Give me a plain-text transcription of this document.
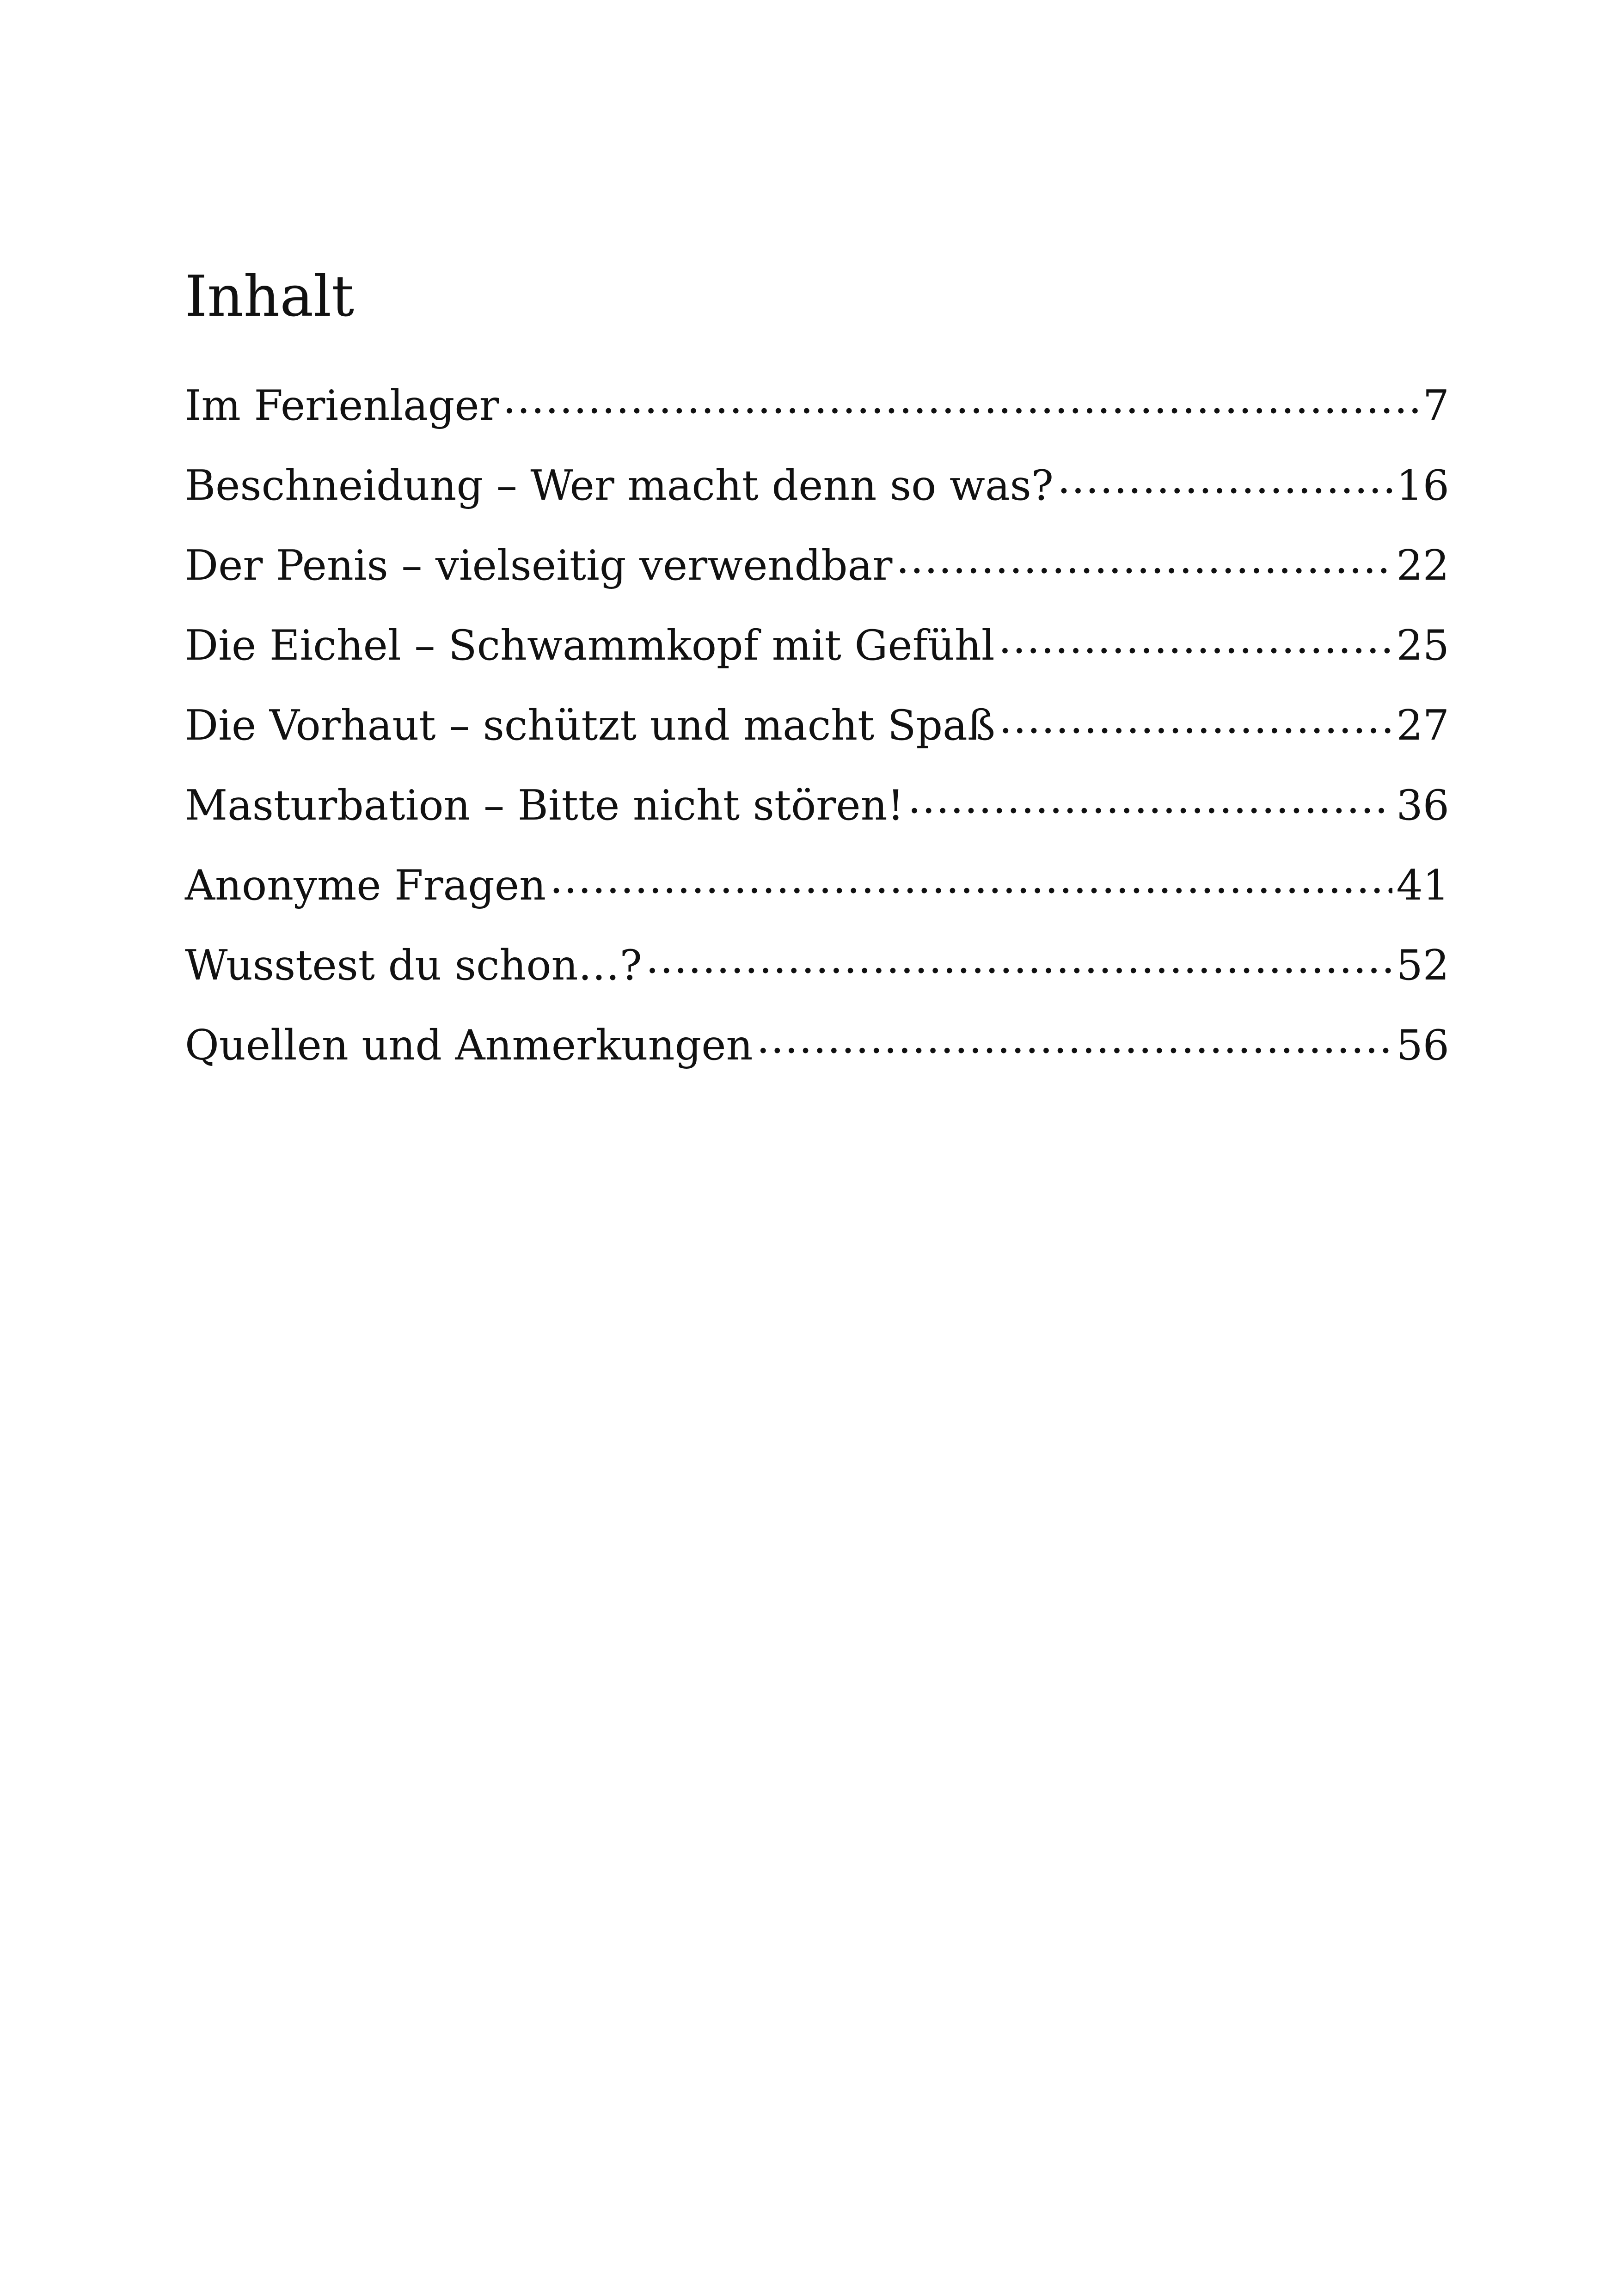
Inhalt
Im Ferienlager .....	7
Beschneidung – Wer macht denn so was? .....	16
Der Penis – vielseitig verwendbar .....	22
Die Eichel – Schwammkopf mit Gefühl .....	25
Die Vorhaut – schützt und macht Spaß .....	27
Masturbation – Bitte nicht stören! .....	36
Anonyme Fragen .....	41
Wusstest du schon…? .....	52
Quellen und Anmerkungen .....	56
